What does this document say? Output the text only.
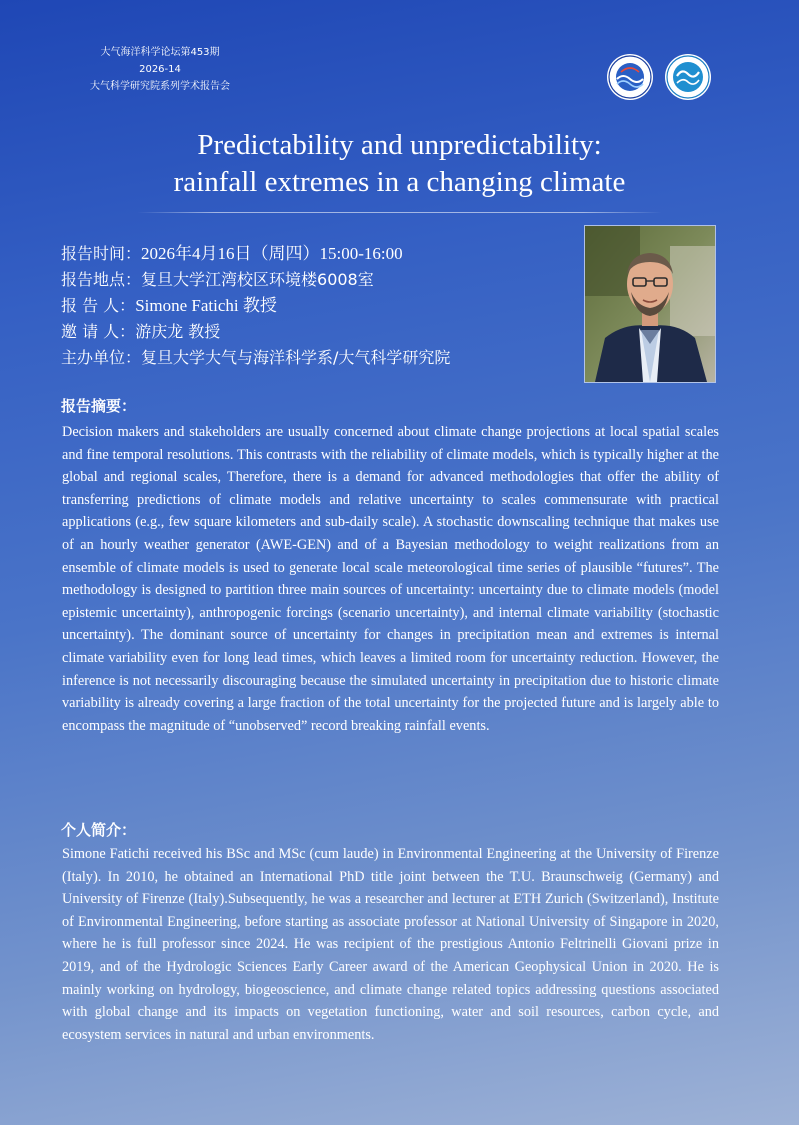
大气海洋科学论坛第453期
2026-14
大气科学研究院系列学术报告会
Predictability and unpredictability:
rainfall extremes in a changing climate
报告时间：2026年4月16日（周四）15:00-16:00
报告地点：复旦大学江湾校区环境楼6008室
报 告 人：Simone Fatichi 教授
邀 请 人：游庆龙 教授
主办单位：复旦大学大气与海洋科学系/大气科学研究院
报告摘要：
Decision makers and stakeholders are usually concerned about climate change projections at local spatial scales and fine temporal resolutions. This contrasts with the reliability of climate models, which is typically higher at the global and regional scales, Therefore, there is a demand for advanced methodologies that offer the ability of transferring predictions of climate models and relative uncertainty to scales commensurate with practical applications (e.g., few square kilometers and sub-daily scale). A stochastic downscaling technique that makes use of an hourly weather generator (AWE-GEN) and of a Bayesian methodology to weight realizations from an ensemble of climate models is used to generate local scale meteorological time series of plausible “futures”. The methodology is designed to partition three main sources of uncertainty: uncertainty due to climate models (model epistemic uncertainty), anthropogenic forcings (scenario uncertainty), and internal climate variability (stochastic uncertainty). The dominant source of uncertainty for changes in precipitation mean and extremes is internal climate variability even for long lead times, which leaves a limited room for uncertainty reduction. However, the inference is not necessarily discouraging because the simulated uncertainty in precipitation due to historic climate variability is already covering a large fraction of the total uncertainty for the projected future and is largely able to encompass the magnitude of “unobserved” record breaking rainfall events.
个人简介：
Simone Fatichi received his BSc and MSc (cum laude) in Environmental Engineering at the University of Firenze (Italy). In 2010, he obtained an International PhD title joint between the T.U. Braunschweig (Germany) and University of Firenze (Italy).Subsequently, he was a researcher and lecturer at ETH Zurich (Switzerland), Institute of Environmental Engineering, before starting as associate professor at National University of Singapore in 2020, where he is full professor since 2024. He was recipient of the prestigious Antonio Feltrinelli Giovani prize in 2019, and of the Hydrologic Sciences Early Career award of the American Geophysical Union in 2020. He is mainly working on hydrology, biogeoscience, and climate change related topics addressing questions associated with global change and its impacts on vegetation functioning, water and soil resources, carbon cycle, and ecosystem services in natural and urban environments.
